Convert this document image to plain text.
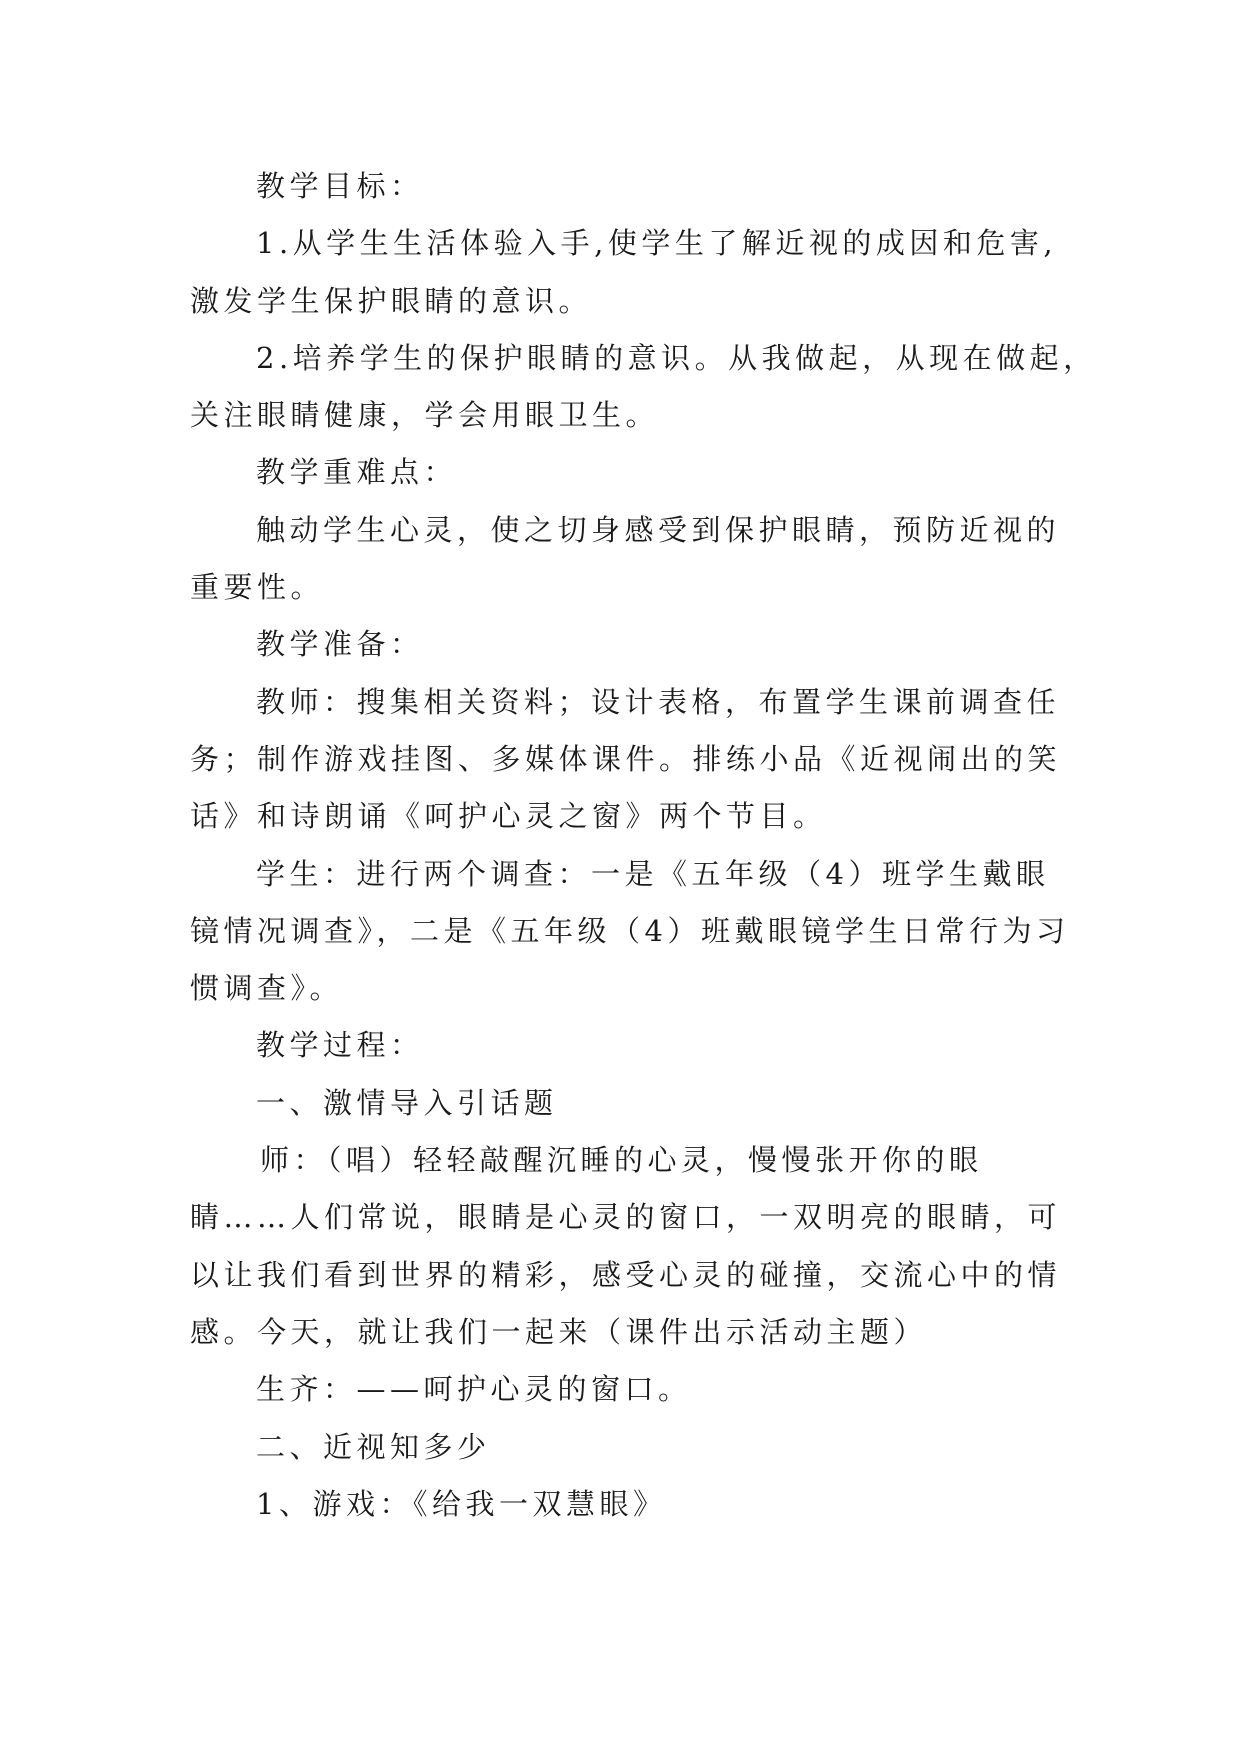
教学目标：

1.从学生生活体验入手,使学生了解近视的成因和危害,

激发学生保护眼睛的意识。

2.培养学生的保护眼睛的意识。从我做起，从现在做起，

关注眼睛健康，学会用眼卫生。

教学重难点：

触动学生心灵，使之切身感受到保护眼睛，预防近视的

重要性。

教学准备：

教师：搜集相关资料；设计表格，布置学生课前调查任

务；制作游戏挂图、多媒体课件。排练小品《近视闹出的笑

话》和诗朗诵《呵护心灵之窗》两个节目。

学生：进行两个调查：一是《五年级（4）班学生戴眼

镜情况调查》，二是《五年级（4）班戴眼镜学生日常行为习

惯调查》。

教学过程：

一、激情导入引话题

师：（唱）轻轻敲醒沉睡的心灵，慢慢张开你的眼

睛……人们常说，眼睛是心灵的窗口，一双明亮的眼睛，可

以让我们看到世界的精彩，感受心灵的碰撞，交流心中的情

感。今天，就让我们一起来（课件出示活动主题）

生齐：——呵护心灵的窗口。

二、近视知多少

1、游戏：《给我一双慧眼》
